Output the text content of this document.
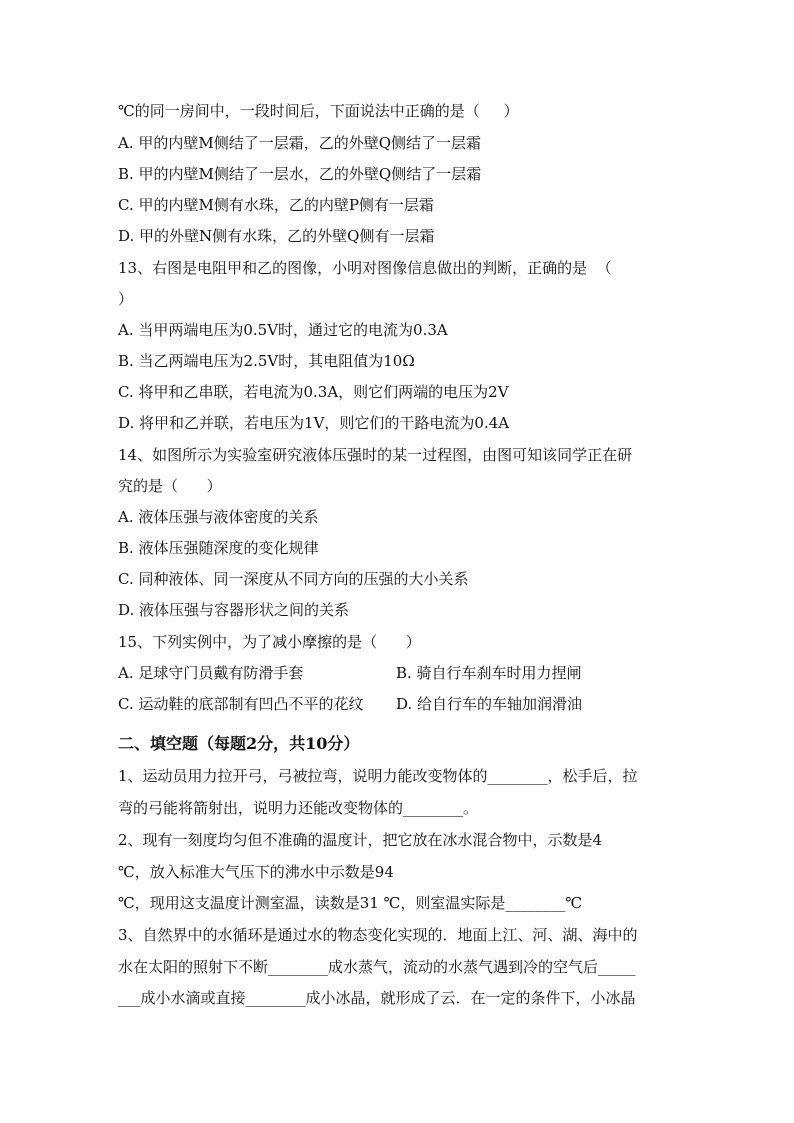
℃的同一房间中，一段时间后，下面说法中正确的是（     ）
A. 甲的内壁M侧结了一层霜，乙的外壁Q侧结了一层霜
B. 甲的内壁M侧结了一层水，乙的外壁Q侧结了一层霜
C. 甲的内壁M侧有水珠，乙的内壁P侧有一层霜
D. 甲的外壁N侧有水珠，乙的外壁Q侧有一层霜
13、右图是电阻甲和乙的图像，小明对图像信息做出的判断，正确的是  （
）
A. 当甲两端电压为0.5V时，通过它的电流为0.3A
B. 当乙两端电压为2.5V时，其电阻值为10Ω
C. 将甲和乙串联，若电流为0.3A，则它们两端的电压为2V
D. 将甲和乙并联，若电压为1V，则它们的干路电流为0.4A
14、如图所示为实验室研究液体压强时的某一过程图，由图可知该同学正在研
究的是（      ）
A. 液体压强与液体密度的关系
B. 液体压强随深度的变化规律
C. 同种液体、同一深度从不同方向的压强的大小关系
D. 液体压强与容器形状之间的关系
15、下列实例中，为了减小摩擦的是（      ）
A. 足球守门员戴有防滑手套	B. 骑自行车刹车时用力捏闸
C. 运动鞋的底部制有凹凸不平的花纹 D. 给自行车的车轴加润滑油
二、填空题（每题2分，共10分）
1、运动员用力拉开弓，弓被拉弯，说明力能改变物体的________，松手后，拉
弯的弓能将箭射出，说明力还能改变物体的________。
2、现有一刻度均匀但不准确的温度计，把它放在冰水混合物中，示数是4
℃，放入标准大气压下的沸水中示数是94
℃，现用这支温度计测室温，读数是31 ℃，则室温实际是________℃
3、自然界中的水循环是通过水的物态变化实现的．地面上江、河、湖、海中的
水在太阳的照射下不断________成水蒸气，流动的水蒸气遇到冷的空气后_____
___成小水滴或直接________成小冰晶，就形成了云．在一定的条件下，小冰晶
